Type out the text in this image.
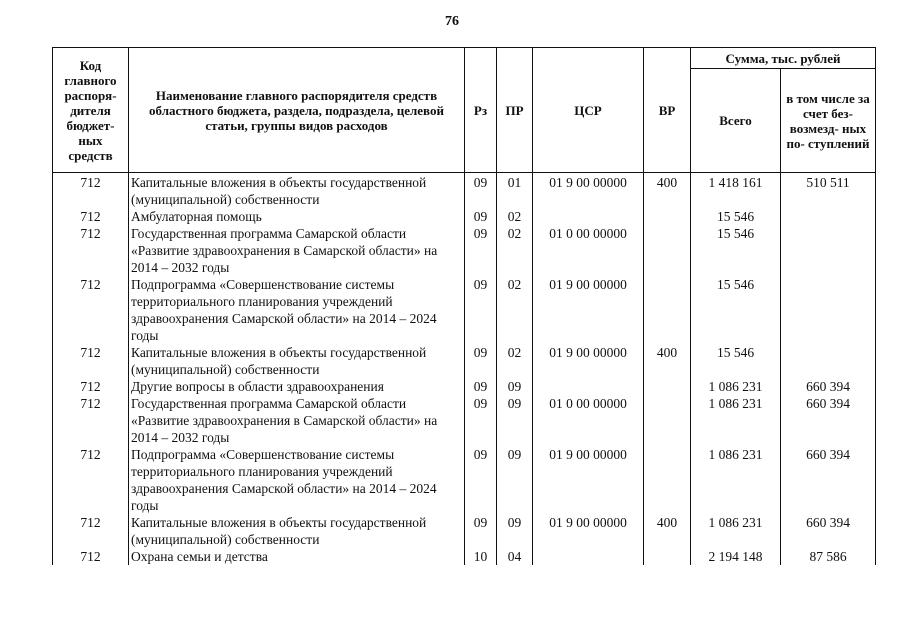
76
Код главного распоря- дителя бюджет- ных средств	Наименование главного распорядителя средств областного бюджета, раздела, подраздела, целевой статьи, группы видов расходов	Рз	ПР	ЦСР	ВР	Сумма, тыс. рублей	
						Всего	в том числе за счет без- возмезд- ных по- ступлений
712	Капитальные вложения в объекты государственной (муниципальной) собственности	09	01	01 9 00 00000	400	1 418 161	510 511
712	Амбулаторная помощь	09	02			15 546	
712	Государственная программа Самарской области «Развитие здравоохранения в Самарской области» на 2014 – 2032 годы	09	02	01 0 00 00000		15 546	
712	Подпрограмма «Совершенствование системы территориального планирования учреждений здравоохранения Самарской области» на 2014 – 2024 годы	09	02	01 9 00 00000		15 546	
712	Капитальные вложения в объекты государственной (муниципальной) собственности	09	02	01 9 00 00000	400	15 546	
712	Другие вопросы в области здравоохранения	09	09			1 086 231	660 394
712	Государственная программа Самарской области «Развитие здравоохранения в Самарской области» на 2014 – 2032 годы	09	09	01 0 00 00000		1 086 231	660 394
712	Подпрограмма «Совершенствование системы территориального планирования учреждений здравоохранения Самарской области» на 2014 – 2024 годы	09	09	01 9 00 00000		1 086 231	660 394
712	Капитальные вложения в объекты государственной (муниципальной) собственности	09	09	01 9 00 00000	400	1 086 231	660 394
712	Охрана семьи и детства	10	04			2 194 148	87 586
